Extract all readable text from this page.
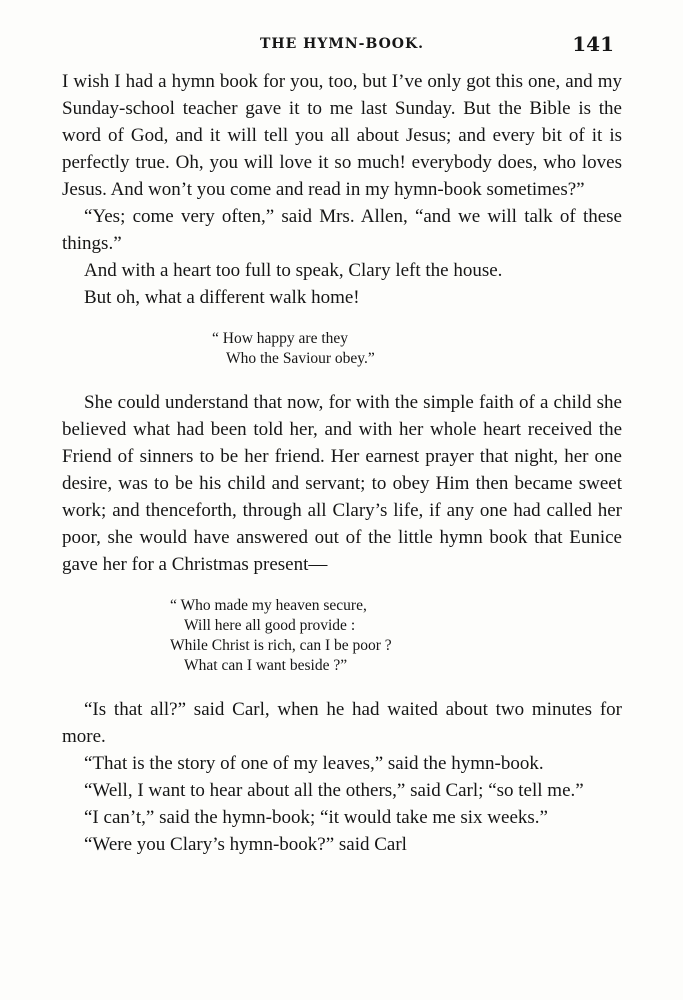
THE HYMN-BOOK.	141

I wish I had a hymn book for you, too, but I’ve only got this one, and my Sunday-school teacher gave it to me last Sunday. But the Bible is the word of God, and it will tell you all about Jesus; and every bit of it is perfectly true. Oh, you will love it so much! everybody does, who loves Jesus. And won’t you come and read in my hymn-book sometimes?”

“Yes; come very often,” said Mrs. Allen, “and we will talk of these things.”

And with a heart too full to speak, Clary left the house.

But oh, what a different walk home!

“ How happy are they
Who the Saviour obey.”

She could understand that now, for with the simple faith of a child she believed what had been told her, and with her whole heart received the Friend of sinners to be her friend. Her earnest prayer that night, her one desire, was to be his child and servant; to obey Him then became sweet work; and thenceforth, through all Clary’s life, if any one had called her poor, she would have answered out of the little hymn book that Eunice gave her for a Christmas present—

“ Who made my heaven secure,
Will here all good provide :
While Christ is rich, can I be poor ?
What can I want beside ?”

“Is that all?” said Carl, when he had waited about two minutes for more.

“That is the story of one of my leaves,” said the hymn-book.

“Well, I want to hear about all the others,” said Carl; “so tell me.”

“I can’t,” said the hymn-book; “it would take me six weeks.”

“Were you Clary’s hymn-book?” said Carl
